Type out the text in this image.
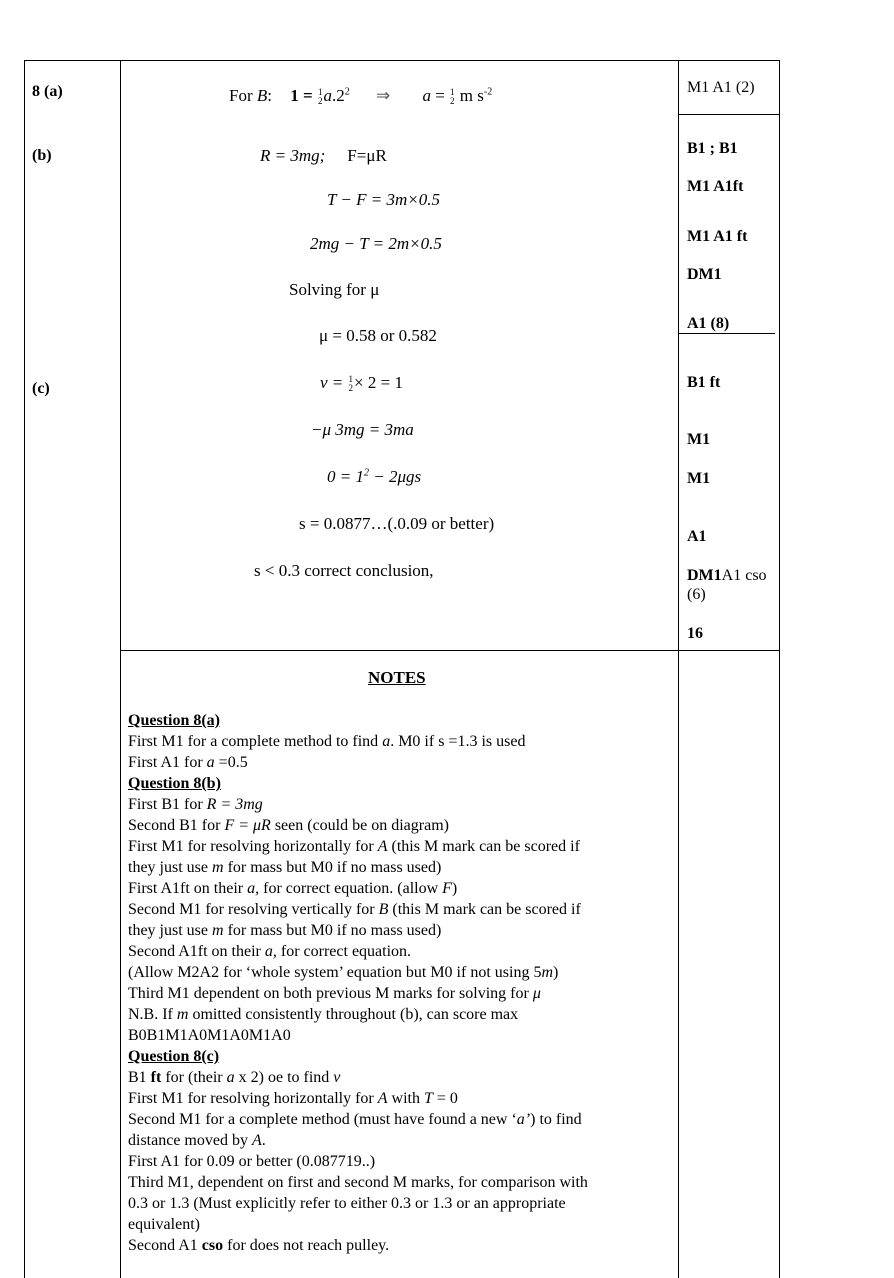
8 (a)
(b)
(c)
For B: 1 = 1
2 $a.2^2$ ⇒ a = 1
2 m $s^{-2}$
R = 3mg; F=μR
T − F = 3m×0.5
2mg − T = 2m×0.5
Solving for μ
μ = 0.58 or 0.582
v = 1
2 × 2 = 1
−μ 3mg = 3ma
$0 = 1^2 - 2\mu gs$
s = 0.0877…(.0.09 or better)
s < 0.3 correct conclusion,
M1 A1 (2)
B1 ; B1
M1 A1ft
M1 A1 ft
DM1
A1 (8)
B1 ft
M1
M1
A1
DM1A1 cso
(6)
16
NOTES
Question 8(a)
First M1 for a complete method to find a. M0 if s =1.3 is used
First A1 for a =0.5
Question 8(b)
First B1 for R = 3mg
Second B1 for F = μR seen (could be on diagram)
First M1 for resolving horizontally for A (this M mark can be scored if
they just use m for mass but M0 if no mass used)
First A1ft on their a, for correct equation. (allow F)
Second M1 for resolving vertically for B (this M mark can be scored if
they just use m for mass but M0 if no mass used)
Second A1ft on their a, for correct equation.
(Allow M2A2 for ‘whole system’ equation but M0 if not using 5m)
Third M1 dependent on both previous M marks for solving for μ
N.B. If m omitted consistently throughout (b), can score max
B0B1M1A0M1A0M1A0
Question 8(c)
B1 ft for (their a x 2) oe to find v
First M1 for resolving horizontally for A with T = 0
Second M1 for a complete method (must have found a new ‘a’) to find
distance moved by A.
First A1 for 0.09 or better (0.087719..)
Third M1, dependent on first and second M marks, for comparison with
0.3 or 1.3 (Must explicitly refer to either 0.3 or 1.3 or an appropriate
equivalent)
Second A1 cso for does not reach pulley.
